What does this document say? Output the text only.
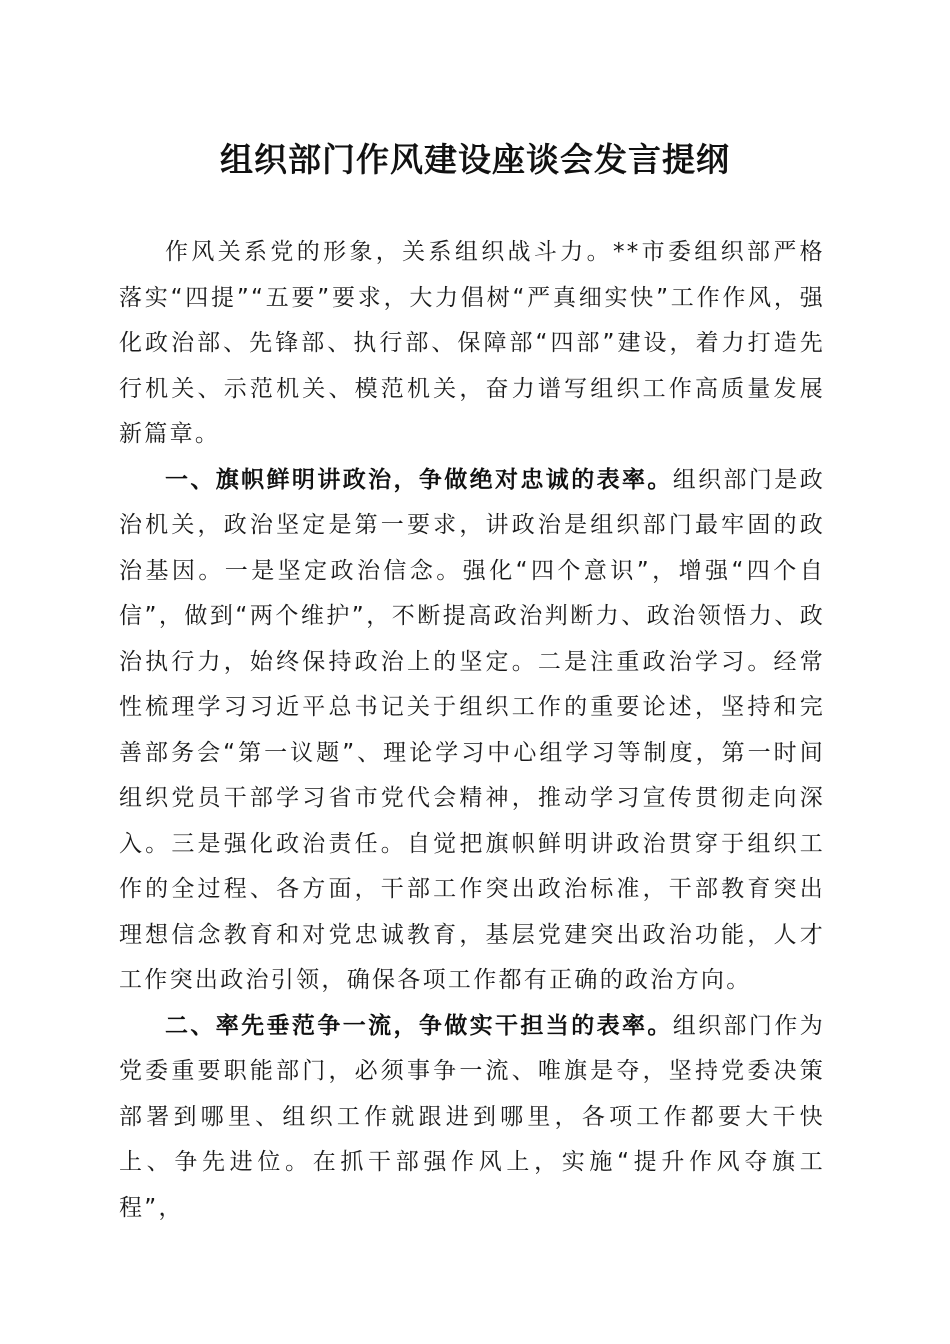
组织部门作风建设座谈会发言提纲

作风关系党的形象，关系组织战斗力。**市委组织部严格落实“四提”“五要”要求，大力倡树“严真细实快”工作作风，强化政治部、先锋部、执行部、保障部“四部”建设，着力打造先行机关、示范机关、模范机关，奋力谱写组织工作高质量发展新篇章。

一、旗帜鲜明讲政治，争做绝对忠诚的表率。组织部门是政治机关，政治坚定是第一要求，讲政治是组织部门最牢固的政治基因。一是坚定政治信念。强化“四个意识”，增强“四个自信”，做到“两个维护”，不断提高政治判断力、政治领悟力、政治执行力，始终保持政治上的坚定。二是注重政治学习。经常性梳理学习习近平总书记关于组织工作的重要论述，坚持和完善部务会“第一议题”、理论学习中心组学习等制度，第一时间组织党员干部学习省市党代会精神，推动学习宣传贯彻走向深入。三是强化政治责任。自觉把旗帜鲜明讲政治贯穿于组织工作的全过程、各方面，干部工作突出政治标准，干部教育突出理想信念教育和对党忠诚教育，基层党建突出政治功能，人才工作突出政治引领，确保各项工作都有正确的政治方向。

二、率先垂范争一流，争做实干担当的表率。组织部门作为党委重要职能部门，必须事争一流、唯旗是夺，坚持党委决策部署到哪里、组织工作就跟进到哪里，各项工作都要大干快上、争先进位。在抓干部强作风上，实施“提升作风夺旗工程”，
